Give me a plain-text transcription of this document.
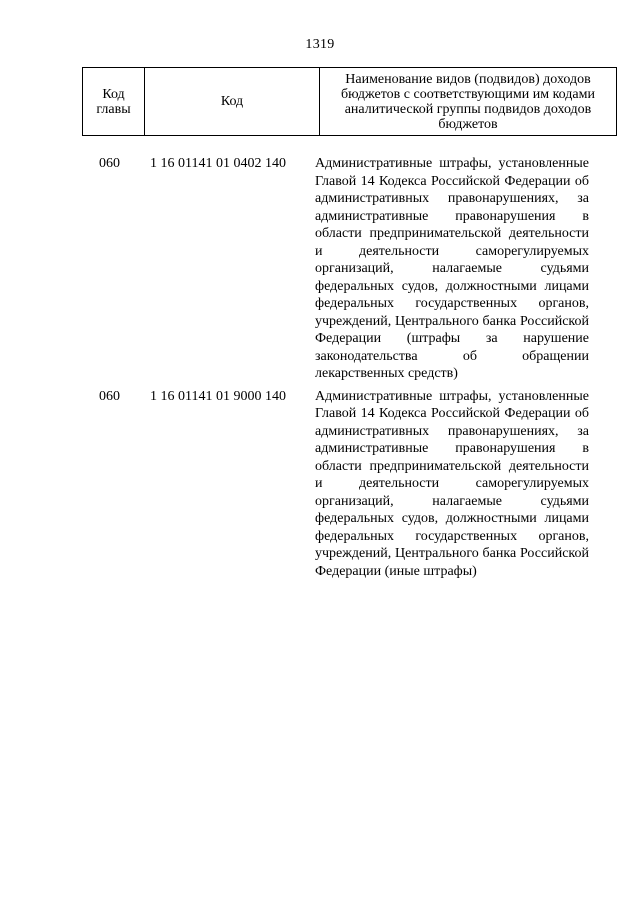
1319
Код главы	Код	Наименование видов (подвидов) доходов бюджетов с соответствующими им кодами аналитической группы подвидов доходов бюджетов
060	1 16 01141 01 0402 140 Административные штрафы, установленные Главой 14 Кодекса Российской Федерации об административных правонарушениях, за административные правонарушения в области предпринимательской деятельности и деятельности саморегулируемых организаций, налагаемые судьями федеральных судов, должностными лицами федеральных государственных органов, учреждений, Центрального банка Российской Федерации (штрафы за нарушение законодательства об обращении лекарственных средств)
060	1 16 01141 01 9000 140 Административные штрафы, установленные Главой 14 Кодекса Российской Федерации об административных правонарушениях, за административные правонарушения в области предпринимательской деятельности и деятельности саморегулируемых организаций, налагаемые судьями федеральных судов, должностными лицами федеральных государственных органов, учреждений, Центрального банка Российской Федерации (иные штрафы)
